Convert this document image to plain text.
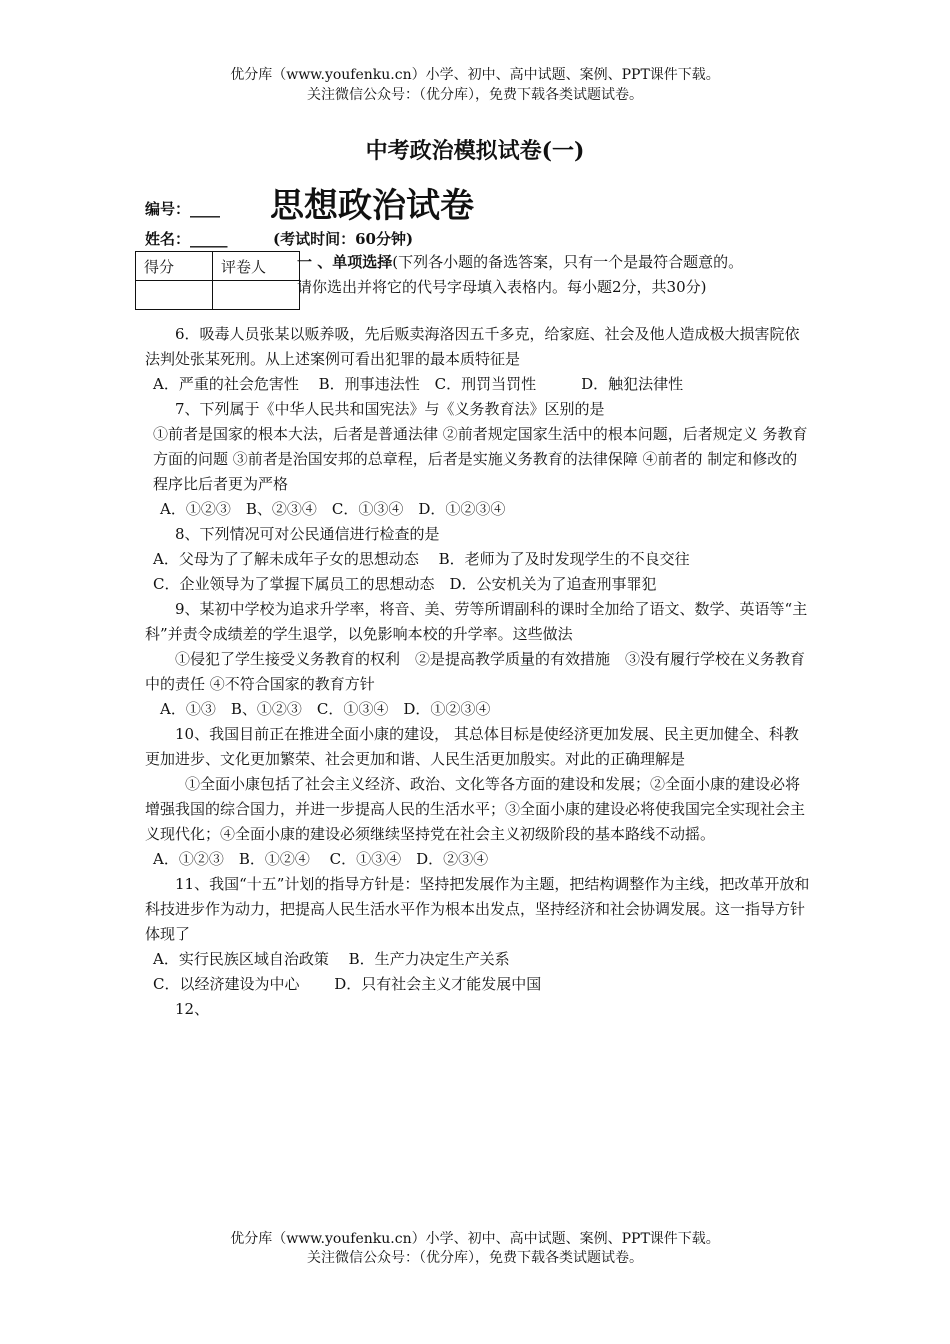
优分库（www.youfenku.cn）小学、初中、高中试题、案例、PPT课件下载。
关注微信公众号：（优分库），免费下载各类试题试卷。
中考政治模拟试卷(一)
编号：____ 思想政治试卷
姓名：_____	(考试时间：60分钟)
得分	评卷人
	一 、单项选择(下列各小题的备选答案，只有一个是最符合题意的。
请你选出并将它的代号字母填入表格内。每小题2分，共30分)

6．吸毒人员张某以贩养吸，先后贩卖海洛因五千多克，给家庭、社会及他人造成极大损害院依法判处张某死刑。从上述案例可看出犯罪的最本质特征是

A．严重的社会危害性　 B．刑事违法性　C．刑罚当罚性　　　D．触犯法律性

7、下列属于《中华人民共和国宪法》与《义务教育法》区别的是

①前者是国家的根本大法，后者是普通法律 ②前者规定国家生活中的根本问题，后者规定义 务教育方面的问题 ③前者是治国安邦的总章程，后者是实施义务教育的法律保障 ④前者的 制定和修改的程序比后者更为严格

A．①②③　B、②③④　C．①③④　D．①②③④

8、下列情况可对公民通信进行检查的是

A．父母为了了解未成年子女的思想动态　 B．老师为了及时发现学生的不良交往

C．企业领导为了掌握下属员工的思想动态　D．公安机关为了追查刑事罪犯

9、某初中学校为追求升学率，将音、美、劳等所谓副科的课时全加给了语文、数学、英语等“主科”并责令成绩差的学生退学，以免影响本校的升学率。这些做法

①侵犯了学生接受义务教育的权利　②是提高教学质量的有效措施　③没有履行学校在义务教育中的责任 ④不符合国家的教育方针

A．①③　B、①②③　C．①③④　D．①②③④

10、我国目前正在推进全面小康的建设， 其总体目标是使经济更加发展、民主更加健全、科教更加进步、文化更加繁荣、社会更加和谐、人民生活更加殷实。对此的正确理解是

①全面小康包括了社会主义经济、政治、文化等各方面的建设和发展；②全面小康的建设必将增强我国的综合国力，并进一步提高人民的生活水平；③全面小康的建设必将使我国完全实现社会主义现代化；④全面小康的建设必须继续坚持党在社会主义初级阶段的基本路线不动摇。

A．①②③　B．①②④　 C．①③④　D．②③④

11、我国“十五”计划的指导方针是：坚持把发展作为主题，把结构调整作为主线，把改革开放和科技进步作为动力，把提高人民生活水平作为根本出发点，坚持经济和社会协调发展。这一指导方针体现了

A．实行民族区域自治政策　 B．生产力决定生产关系

C．以经济建设为中心　　 D．只有社会主义才能发展中国

12、

优分库（www.youfenku.cn）小学、初中、高中试题、案例、PPT课件下载。
关注微信公众号：（优分库），免费下载各类试题试卷。
